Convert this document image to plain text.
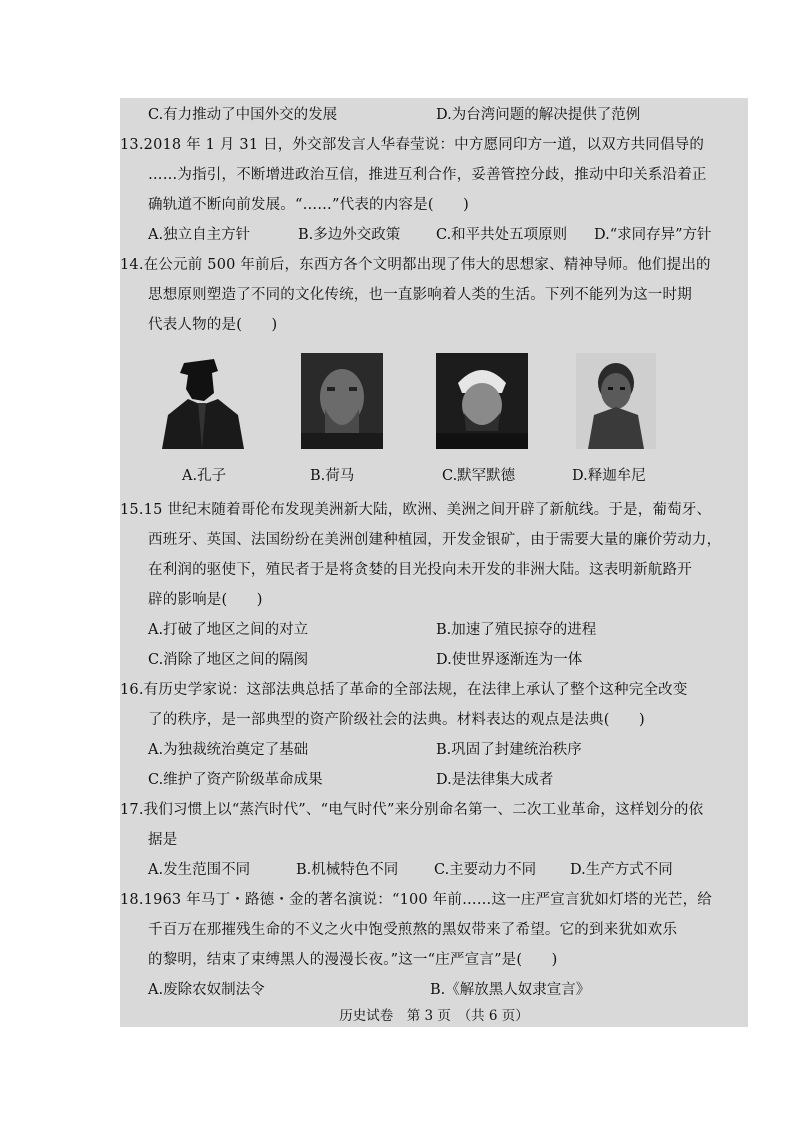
C.有力推动了中国外交的发展	D.为台湾问题的解决提供了范例
13.2018 年 1 月 31 日，外交部发言人华春莹说：中方愿同印方一道，以双方共同倡导的
……为指引，不断增进政治互信，推进互利合作，妥善管控分歧，推动中印关系沿着正
确轨道不断向前发展。“……”代表的内容是(　　)
A.独立自主方针	B.多边外交政策 C.和平共处五项原则 D.“求同存异”方针
14.在公元前 500 年前后，东西方各个文明都出现了伟大的思想家、精神导师。他们提出的
思想原则塑造了不同的文化传统，也一直影响着人类的生活。下列不能列为这一时期
代表人物的是(　　)
A.孔子	B.荷马	C.默罕默德	D.释迦牟尼
15.15 世纪末随着哥伦布发现美洲新大陆，欧洲、美洲之间开辟了新航线。于是，葡萄牙、
西班牙、英国、法国纷纷在美洲创建种植园，开发金银矿，由于需要大量的廉价劳动力，
在利润的驱使下，殖民者于是将贪婪的目光投向未开发的非洲大陆。这表明新航路开
辟的影响是(　　)
A.打破了地区之间的对立	B.加速了殖民掠夺的进程
C.消除了地区之间的隔阂	D.使世界逐渐连为一体
16.有历史学家说：这部法典总括了革命的全部法规，在法律上承认了整个这种完全改变
了的秩序，是一部典型的资产阶级社会的法典。材料表达的观点是法典(　　)
A.为独裁统治奠定了基础	B.巩固了封建统治秩序
C.维护了资产阶级革命成果	D.是法律集大成者
17.我们习惯上以“蒸汽时代”、“电气时代”来分别命名第一、二次工业革命，这样划分的依
据是
A.发生范围不同	B.机械特色不同 C.主要动力不同 D.生产方式不同
18.1963 年马丁・路德・金的著名演说：“100 年前……这一庄严宣言犹如灯塔的光芒，给
千百万在那摧残生命的不义之火中饱受煎熬的黑奴带来了希望。它的到来犹如欢乐
的黎明，结束了束缚黑人的漫漫长夜。”这一“庄严宣言”是(　　)
A.废除农奴制法令	B.《解放黑人奴隶宣言》
历史试卷　第 3 页　（共 6 页）
